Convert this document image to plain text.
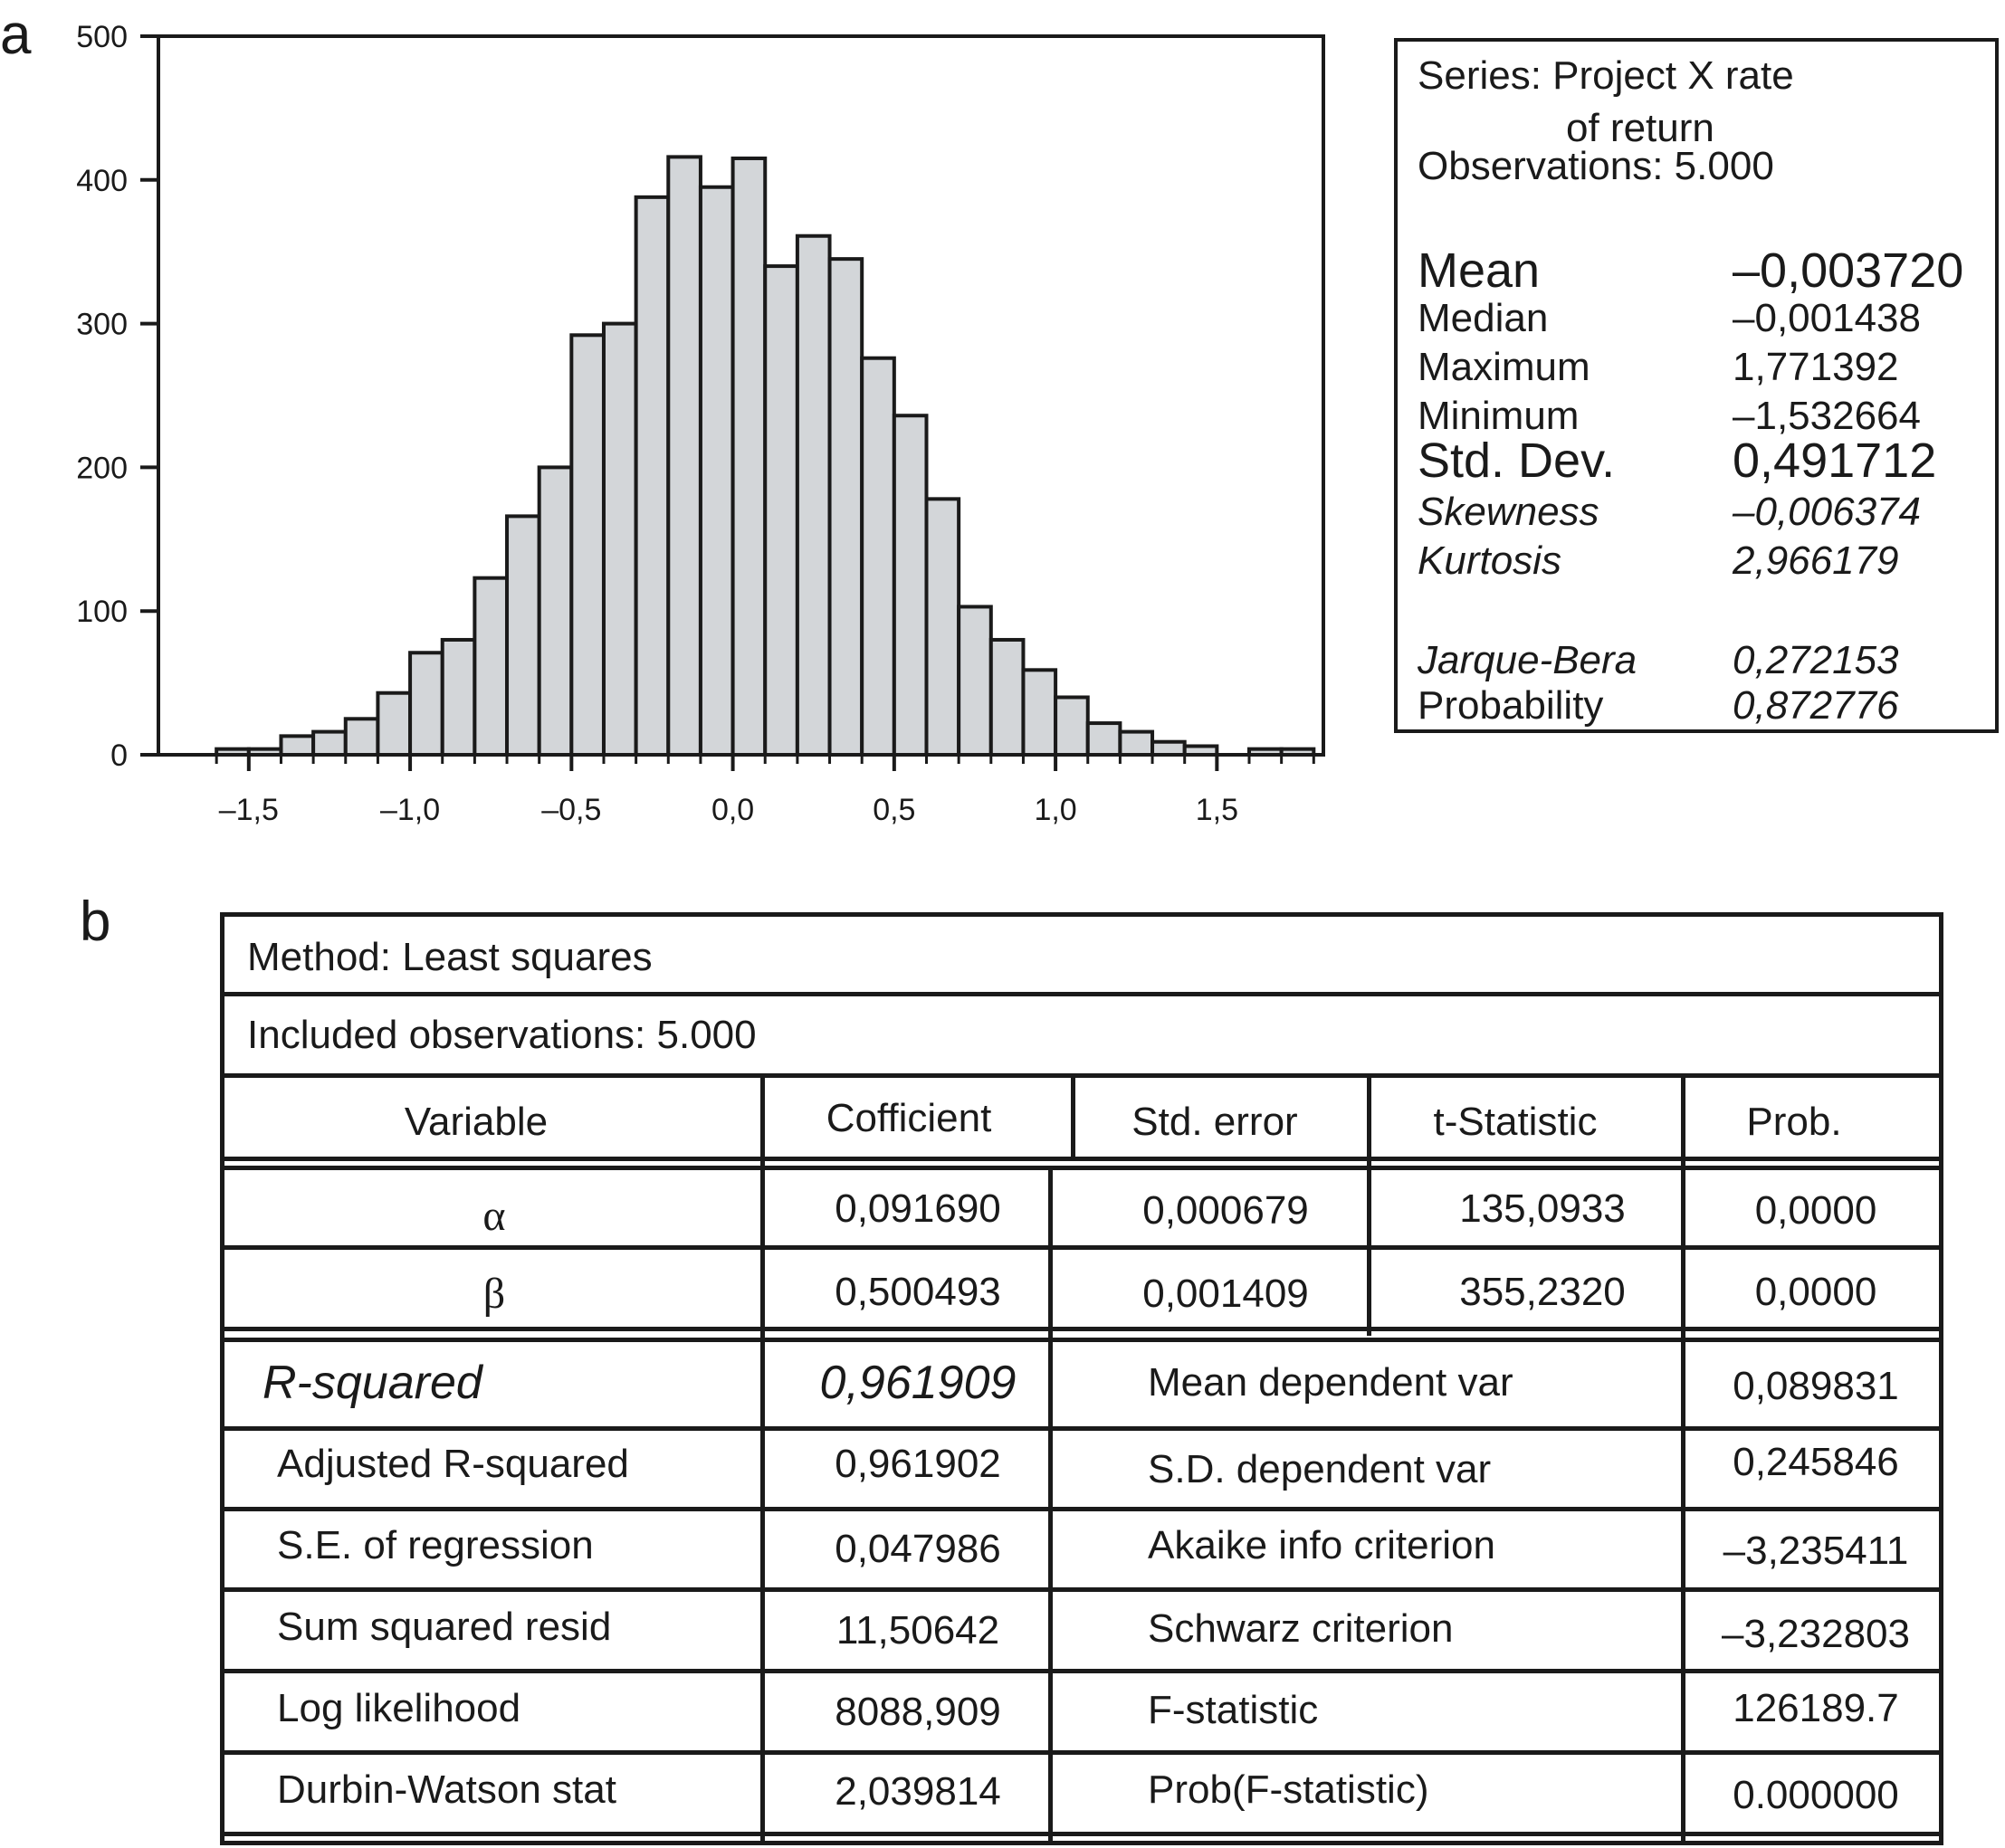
a
b
–1,5	–1,0	–0,5	0,0	0,5	1,0	1,5
0
100
200
300
400
500
Series: Project X rate
of return
Observations: 5.000
Mean	–0,003720
Median	–0,001438
Maximum	1,771392
Minimum	–1,532664
Std. Dev. 0,491712
Skewness	–0,006374
Kurtosis	2,966179
Jarque-Bera 0,272153
Probability	0,872776
Method: Least squares
Included observations: 5.000
Variable	Cofficient	Std. error	t-Statistic	Prob.
α	0,091690	0,000679	135,0933	0,0000
β	0,500493	0,001409	355,2320	0,0000
R-squared	0,961909	Mean dependent var	0,089831
Adjusted R-squared	0,961902	S.D. dependent var	0,245846
S.E. of regression	0,047986	Akaike info criterion	–3,235411
Sum squared resid	11,50642	Schwarz criterion	–3,232803
Log likelihood	8088,909	F-statistic	126189.7
Durbin-Watson stat	2,039814	Prob(F-statistic)	0.000000
